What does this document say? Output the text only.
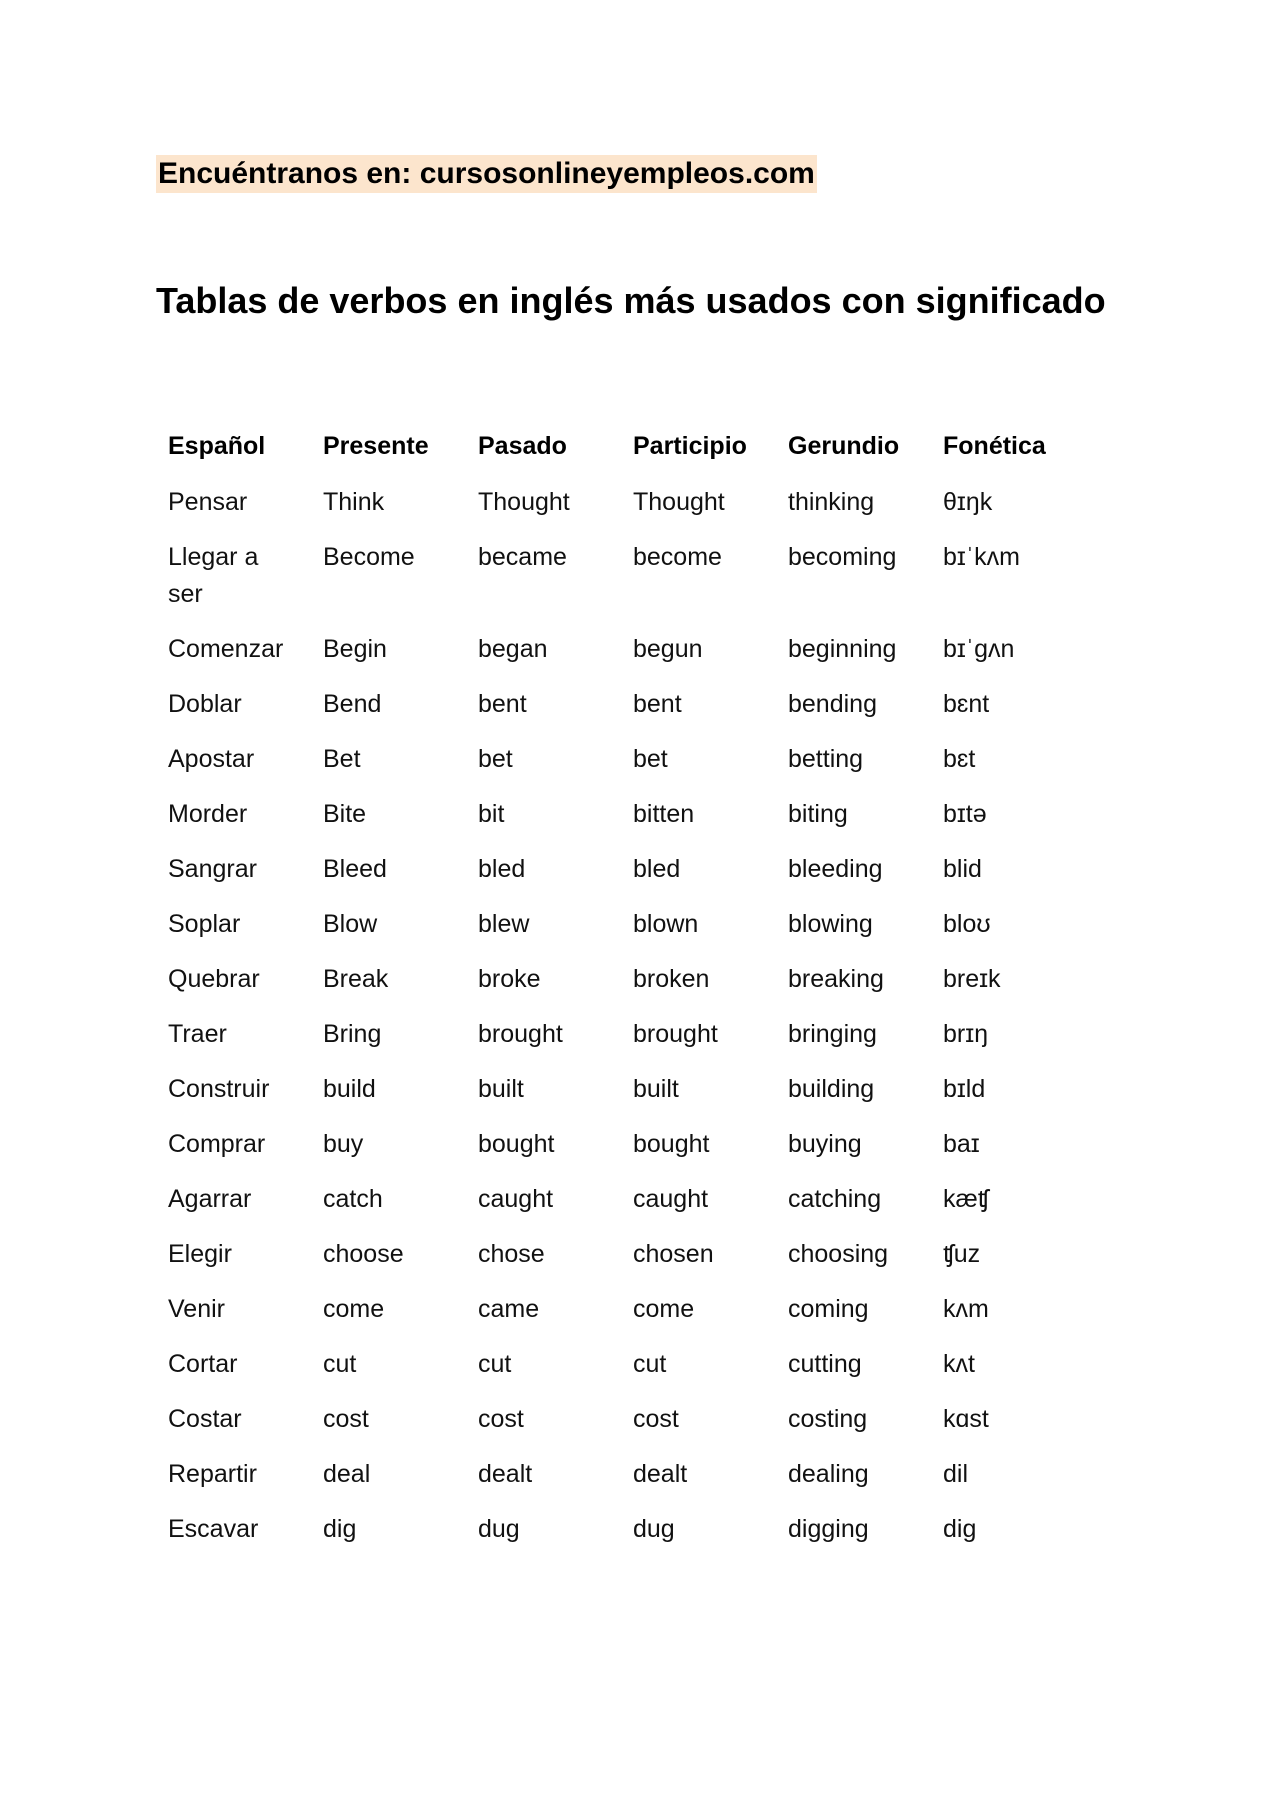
Encuéntranos en: cursosonlineyempleos.com
Tablas de verbos en inglés más usados con significado
Español	Presente	Pasado	Participio	Gerundio	Fonética
Pensar	Think	Thought	Thought	thinking	θɪŋk
Llegar a ser	Become	became	become	becoming	bɪˈkʌm
Comenzar	Begin	began	begun	beginning	bɪˈgʌn
Doblar	Bend	bent	bent	bending	bɛnt
Apostar	Bet	bet	bet	betting	bɛt
Morder	Bite	bit	bitten	biting	bɪtə
Sangrar	Bleed	bled	bled	bleeding	blid
Soplar	Blow	blew	blown	blowing	bloʊ
Quebrar	Break	broke	broken	breaking	breɪk
Traer	Bring	brought	brought	bringing	brɪŋ
Construir	build	built	built	building	bɪld
Comprar	buy	bought	bought	buying	baɪ
Agarrar	catch	caught	caught	catching	kæʧ
Elegir	choose	chose	chosen	choosing	ʧuz
Venir	come	came	come	coming	kʌm
Cortar	cut	cut	cut	cutting	kʌt
Costar	cost	cost	cost	costing	kɑst
Repartir	deal	dealt	dealt	dealing	dil
Escavar	dig	dug	dug	digging	dig
